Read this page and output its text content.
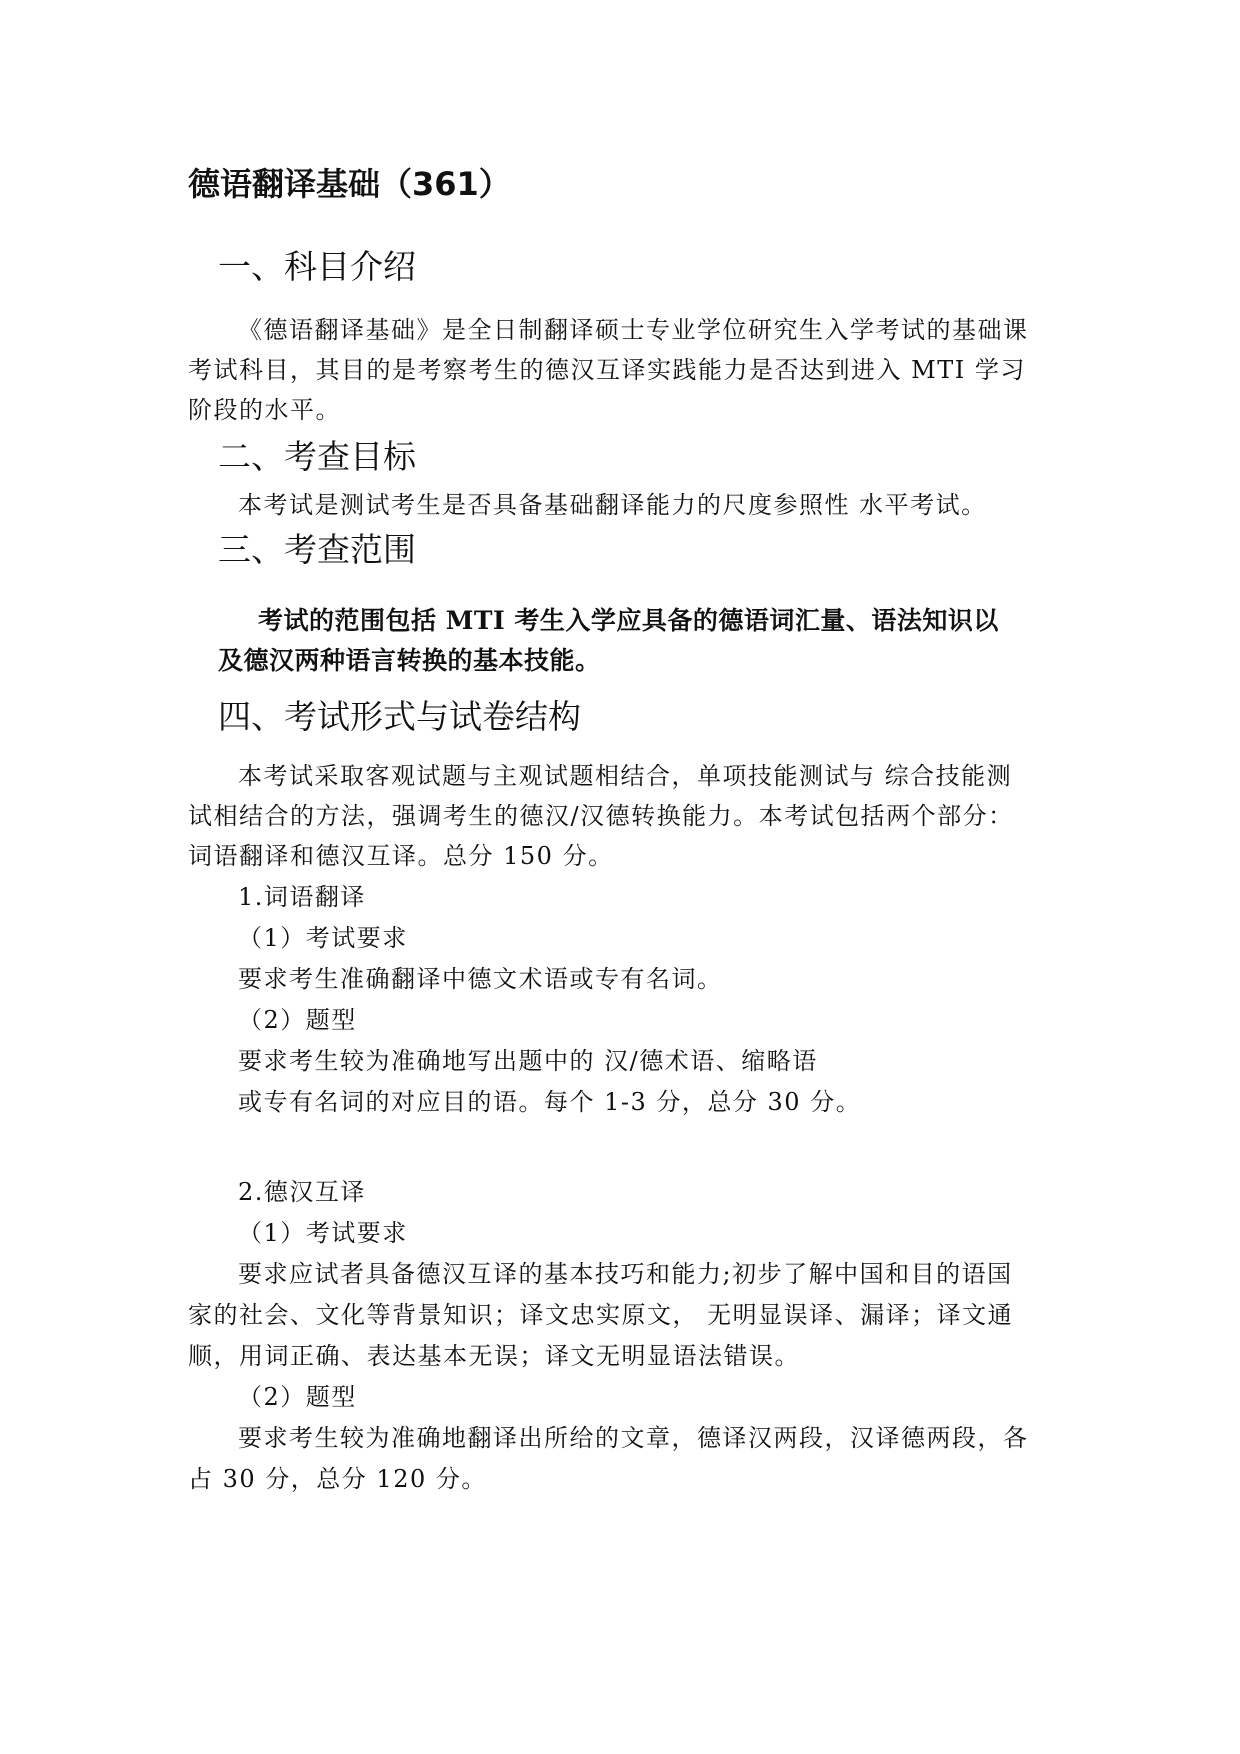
德语翻译基础（361）
一、科目介绍
《德语翻译基础》是全日制翻译硕士专业学位研究生入学考试的基础课
考试科目，其目的是考察考生的德汉互译实践能力是否达到进入 MTI 学习
阶段的水平。
二、考查目标
本考试是测试考生是否具备基础翻译能力的尺度参照性 水平考试。
三、考查范围
考试的范围包括 MTI 考生入学应具备的德语词汇量、语法知识以
及德汉两种语言转换的基本技能。
四、考试形式与试卷结构
本考试采取客观试题与主观试题相结合，单项技能测试与 综合技能测
试相结合的方法，强调考生的德汉/汉德转换能力。本考试包括两个部分：
词语翻译和德汉互译。总分 150 分。
1.词语翻译
（1）考试要求
要求考生准确翻译中德文术语或专有名词。
（2）题型
要求考生较为准确地写出题中的 汉/德术语、缩略语
或专有名词的对应目的语。每个 1-3 分，总分 30 分。
2.德汉互译
（1）考试要求
要求应试者具备德汉互译的基本技巧和能力;初步了解中国和目的语国
家的社会、文化等背景知识；译文忠实原文， 无明显误译、漏译；译文通
顺，用词正确、表达基本无误；译文无明显语法错误。
（2）题型
要求考生较为准确地翻译出所给的文章，德译汉两段，汉译德两段，各
占 30 分，总分 120 分。
